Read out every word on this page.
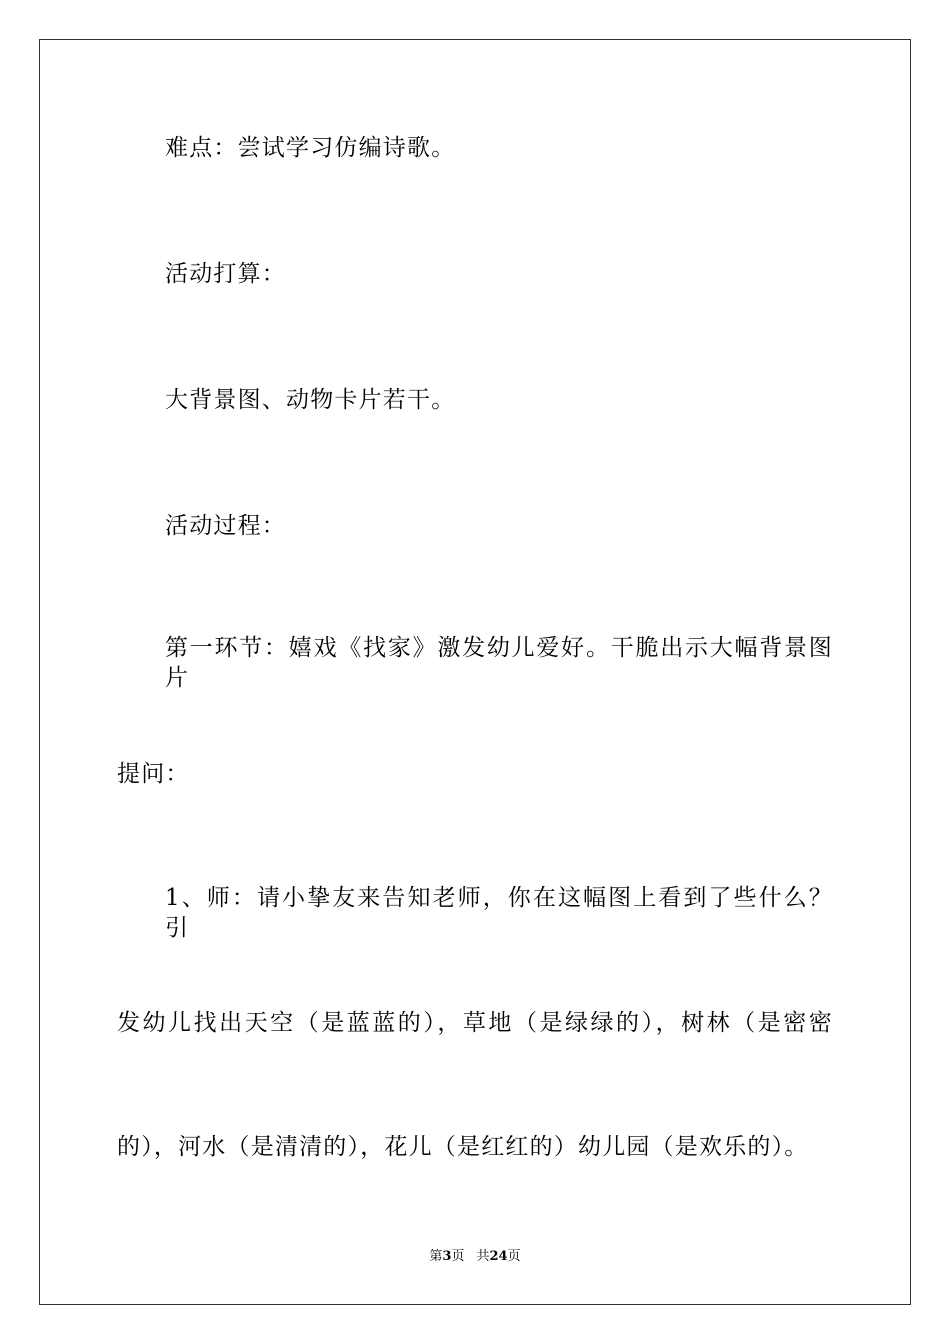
难点：尝试学习仿编诗歌。
活动打算：
大背景图、动物卡片若干。
活动过程：
第一环节：嬉戏《找家》激发幼儿爱好。干脆出示大幅背景图片
提问：
1、师：请小挚友来告知老师，你在这幅图上看到了些什么？引
发幼儿找出天空（是蓝蓝的），草地（是绿绿的），树林（是密密
的），河水（是清清的），花儿（是红红的）幼儿园（是欢乐的）。
第3页 共24页
